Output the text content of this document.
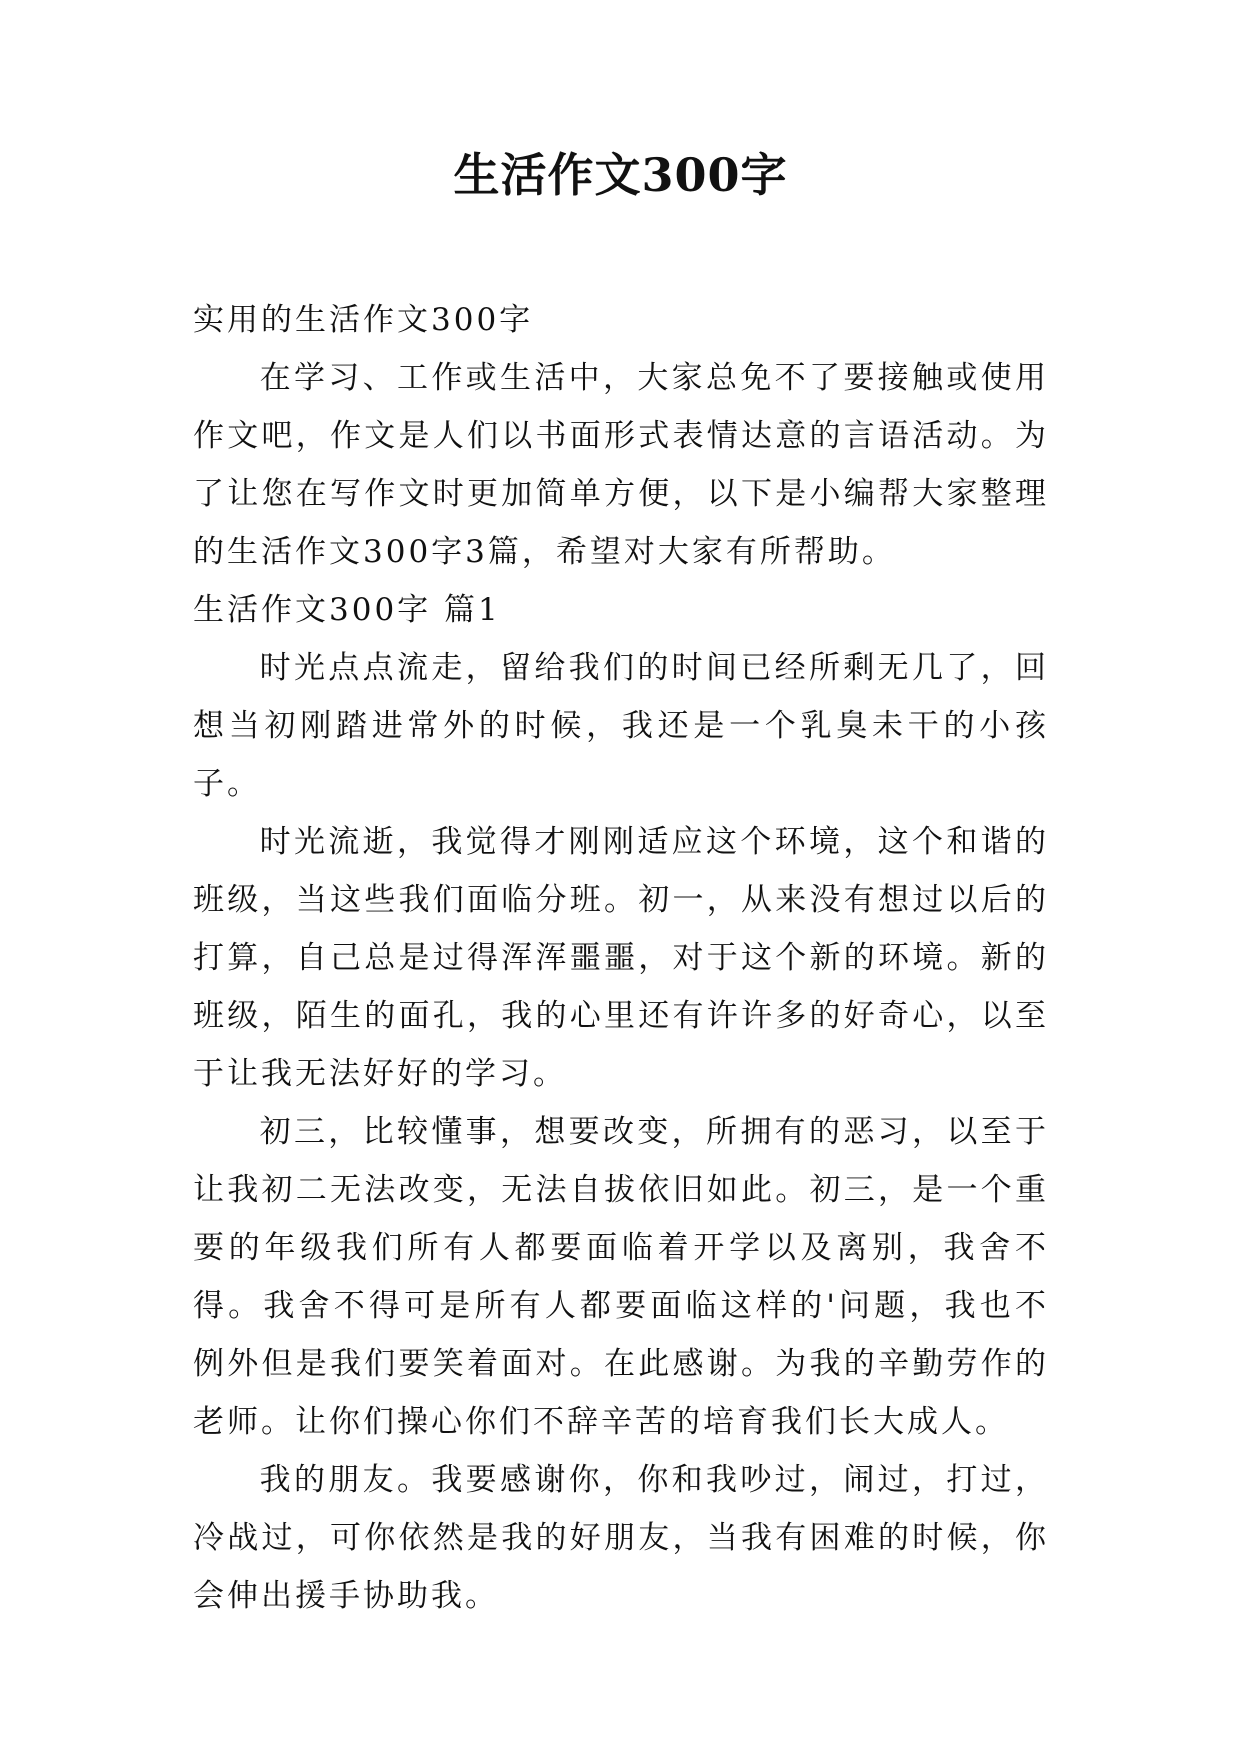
生活作文300字

实用的生活作文300字

在学习、工作或生活中，大家总免不了要接触或使用作文吧，作文是人们以书面形式表情达意的言语活动。为了让您在写作文时更加简单方便，以下是小编帮大家整理的生活作文300字3篇，希望对大家有所帮助。

生活作文300字 篇1

时光点点流走，留给我们的时间已经所剩无几了，回想当初刚踏进常外的时候，我还是一个乳臭未干的小孩子。

时光流逝，我觉得才刚刚适应这个环境，这个和谐的班级，当这些我们面临分班。初一，从来没有想过以后的打算，自己总是过得浑浑噩噩，对于这个新的环境。新的班级，陌生的面孔，我的心里还有许许多的好奇心，以至于让我无法好好的学习。

初三，比较懂事，想要改变，所拥有的恶习，以至于让我初二无法改变，无法自拔依旧如此。初三，是一个重要的年级我们所有人都要面临着开学以及离别，我舍不得。我舍不得可是所有人都要面临这样的'问题，我也不例外但是我们要笑着面对。在此感谢。为我的辛勤劳作的老师。让你们操心你们不辞辛苦的培育我们长大成人。

我的朋友。我要感谢你，你和我吵过，闹过，打过，冷战过，可你依然是我的好朋友，当我有困难的时候，你会伸出援手协助我。
